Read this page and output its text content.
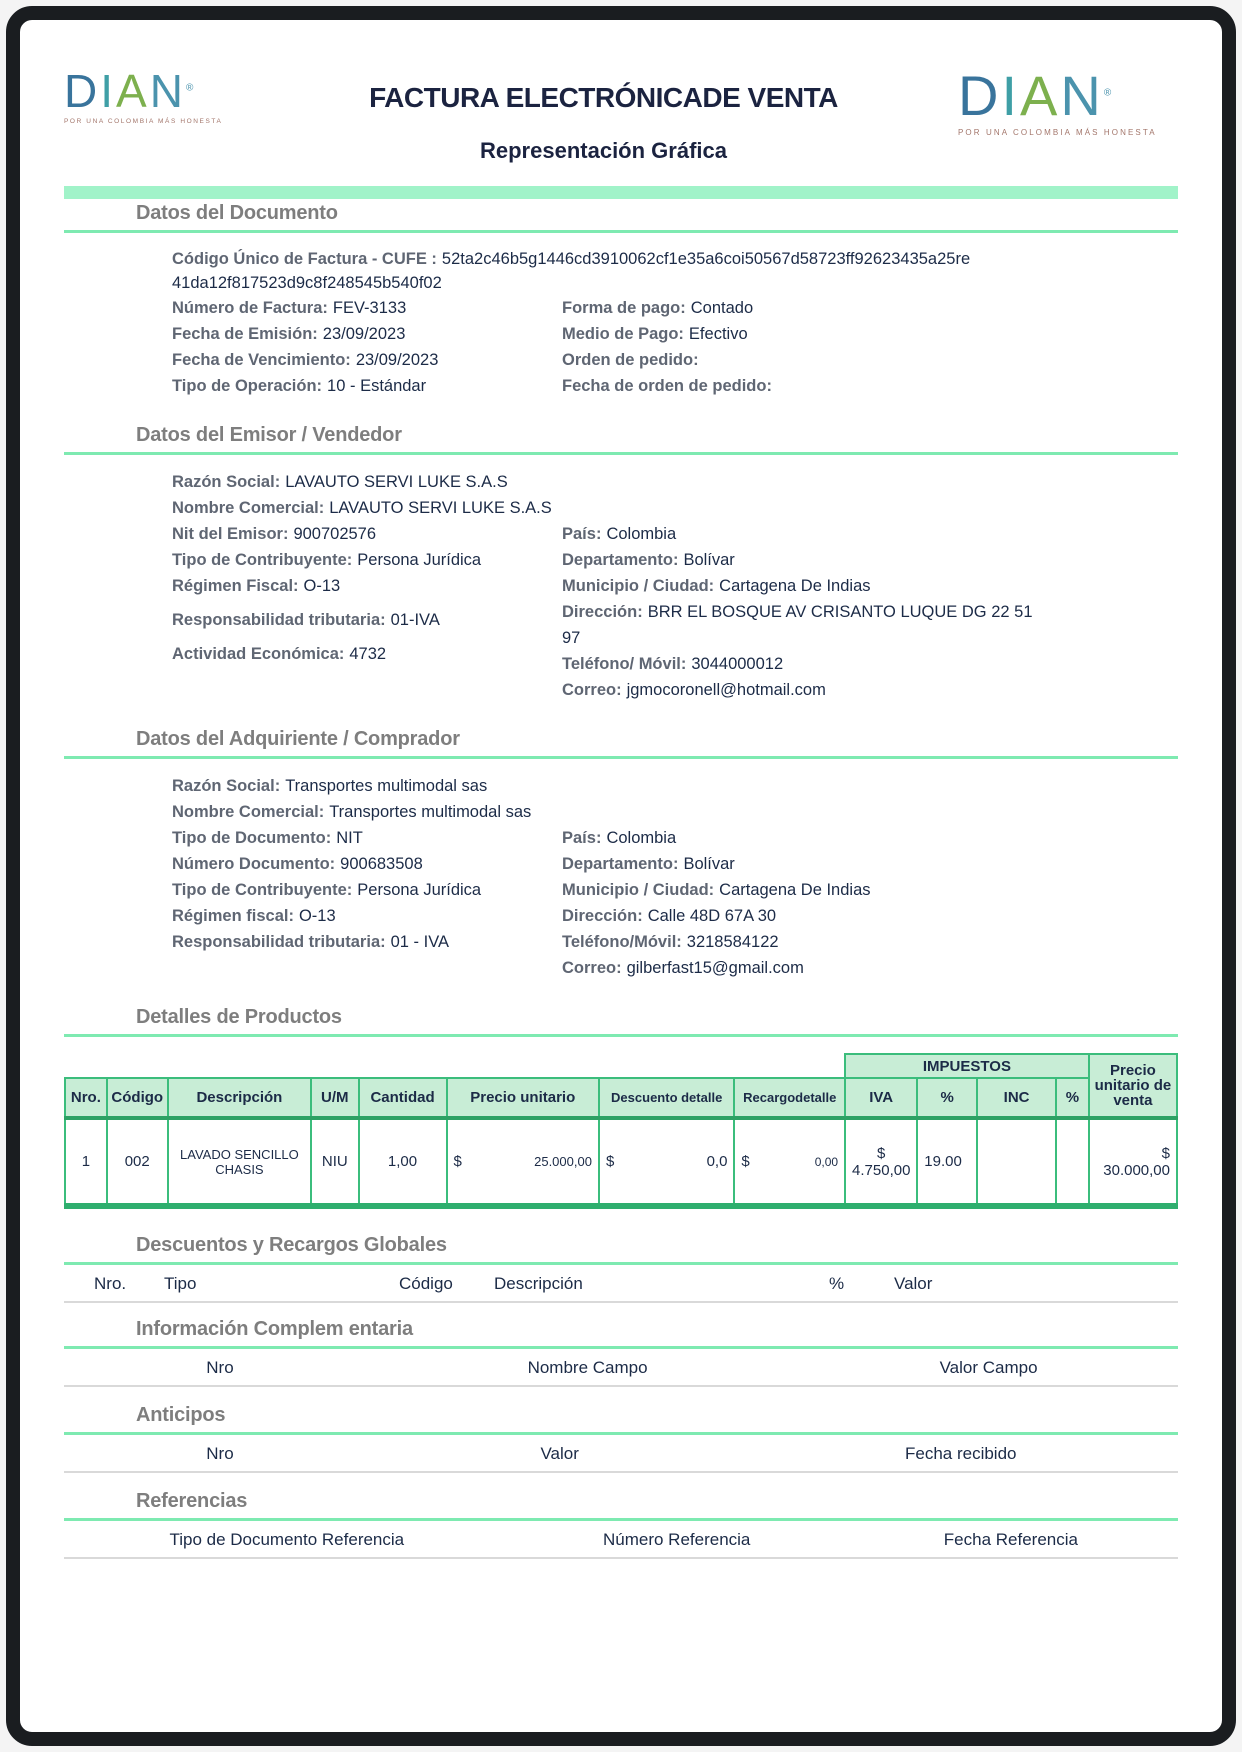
DIAN®
POR UNA COLOMBIA MÁS HONESTA
FACTURA ELECTRÓNICADE VENTA
Representación Gráfica
DIAN®
POR UNA COLOMBIA MÁS HONESTA
Datos del Documento
Código Único de Factura - CUFE : 52ta2c46b5g1446cd3910062cf1e35a6coi50567d58723ff92623435a25re 41da12f817523d9c8f248545b540f02
Número de Factura: FEV-3133
Fecha de Emisión: 23/09/2023
Fecha de Vencimiento: 23/09/2023
Tipo de Operación: 10 - Estándar
Forma de pago: Contado
Medio de Pago: Efectivo
Orden de pedido:
Fecha de orden de pedido:
Datos del Emisor / Vendedor
Razón Social: LAVAUTO SERVI LUKE S.A.S
Nombre Comercial: LAVAUTO SERVI LUKE S.A.S
Nit del Emisor: 900702576
Tipo de Contribuyente: Persona Jurídica
Régimen Fiscal: O-13
Responsabilidad tributaria: 01-IVA
Actividad Económica: 4732
País: Colombia
Departamento: Bolívar
Municipio / Ciudad: Cartagena De Indias
Dirección: BRR EL BOSQUE AV CRISANTO LUQUE DG 22 51 97
Teléfono/ Móvil: 3044000012
Correo: jgmocoronell@hotmail.com
Datos del Adquiriente / Comprador
Razón Social: Transportes multimodal sas
Nombre Comercial: Transportes multimodal sas
Tipo de Documento: NIT
Número Documento: 900683508
Tipo de Contribuyente: Persona Jurídica
Régimen fiscal: O-13
Responsabilidad tributaria: 01 - IVA
País: Colombia
Departamento: Bolívar
Municipio / Ciudad: Cartagena De Indias
Dirección: Calle 48D 67A 30
Teléfono/Móvil: 3218584122
Correo: gilberfast15@gmail.com
Detalles de Productos
								IMPUESTOS				Precio unitario de venta
Nro.	Código	Descripción	U/M	Cantidad	Precio unitario	Descuento detalle	Recargodetalle	IVA	%	INC	%	
1	002	LAVADO SENCILLO CHASIS	NIU	1,00	$ 25.000,00	$ 0,0	$ 0,00	$ 4.750,00	19.00			$ 30.000,00
Descuentos y Recargos Globales
Nro.	Tipo	Código	Descripción	%	Valor
Información Complem entaria
Nro	Nombre Campo	Valor Campo
Anticipos
Nro	Valor	Fecha recibido
Referencias
Tipo de Documento Referencia	Número Referencia	Fecha Referencia
